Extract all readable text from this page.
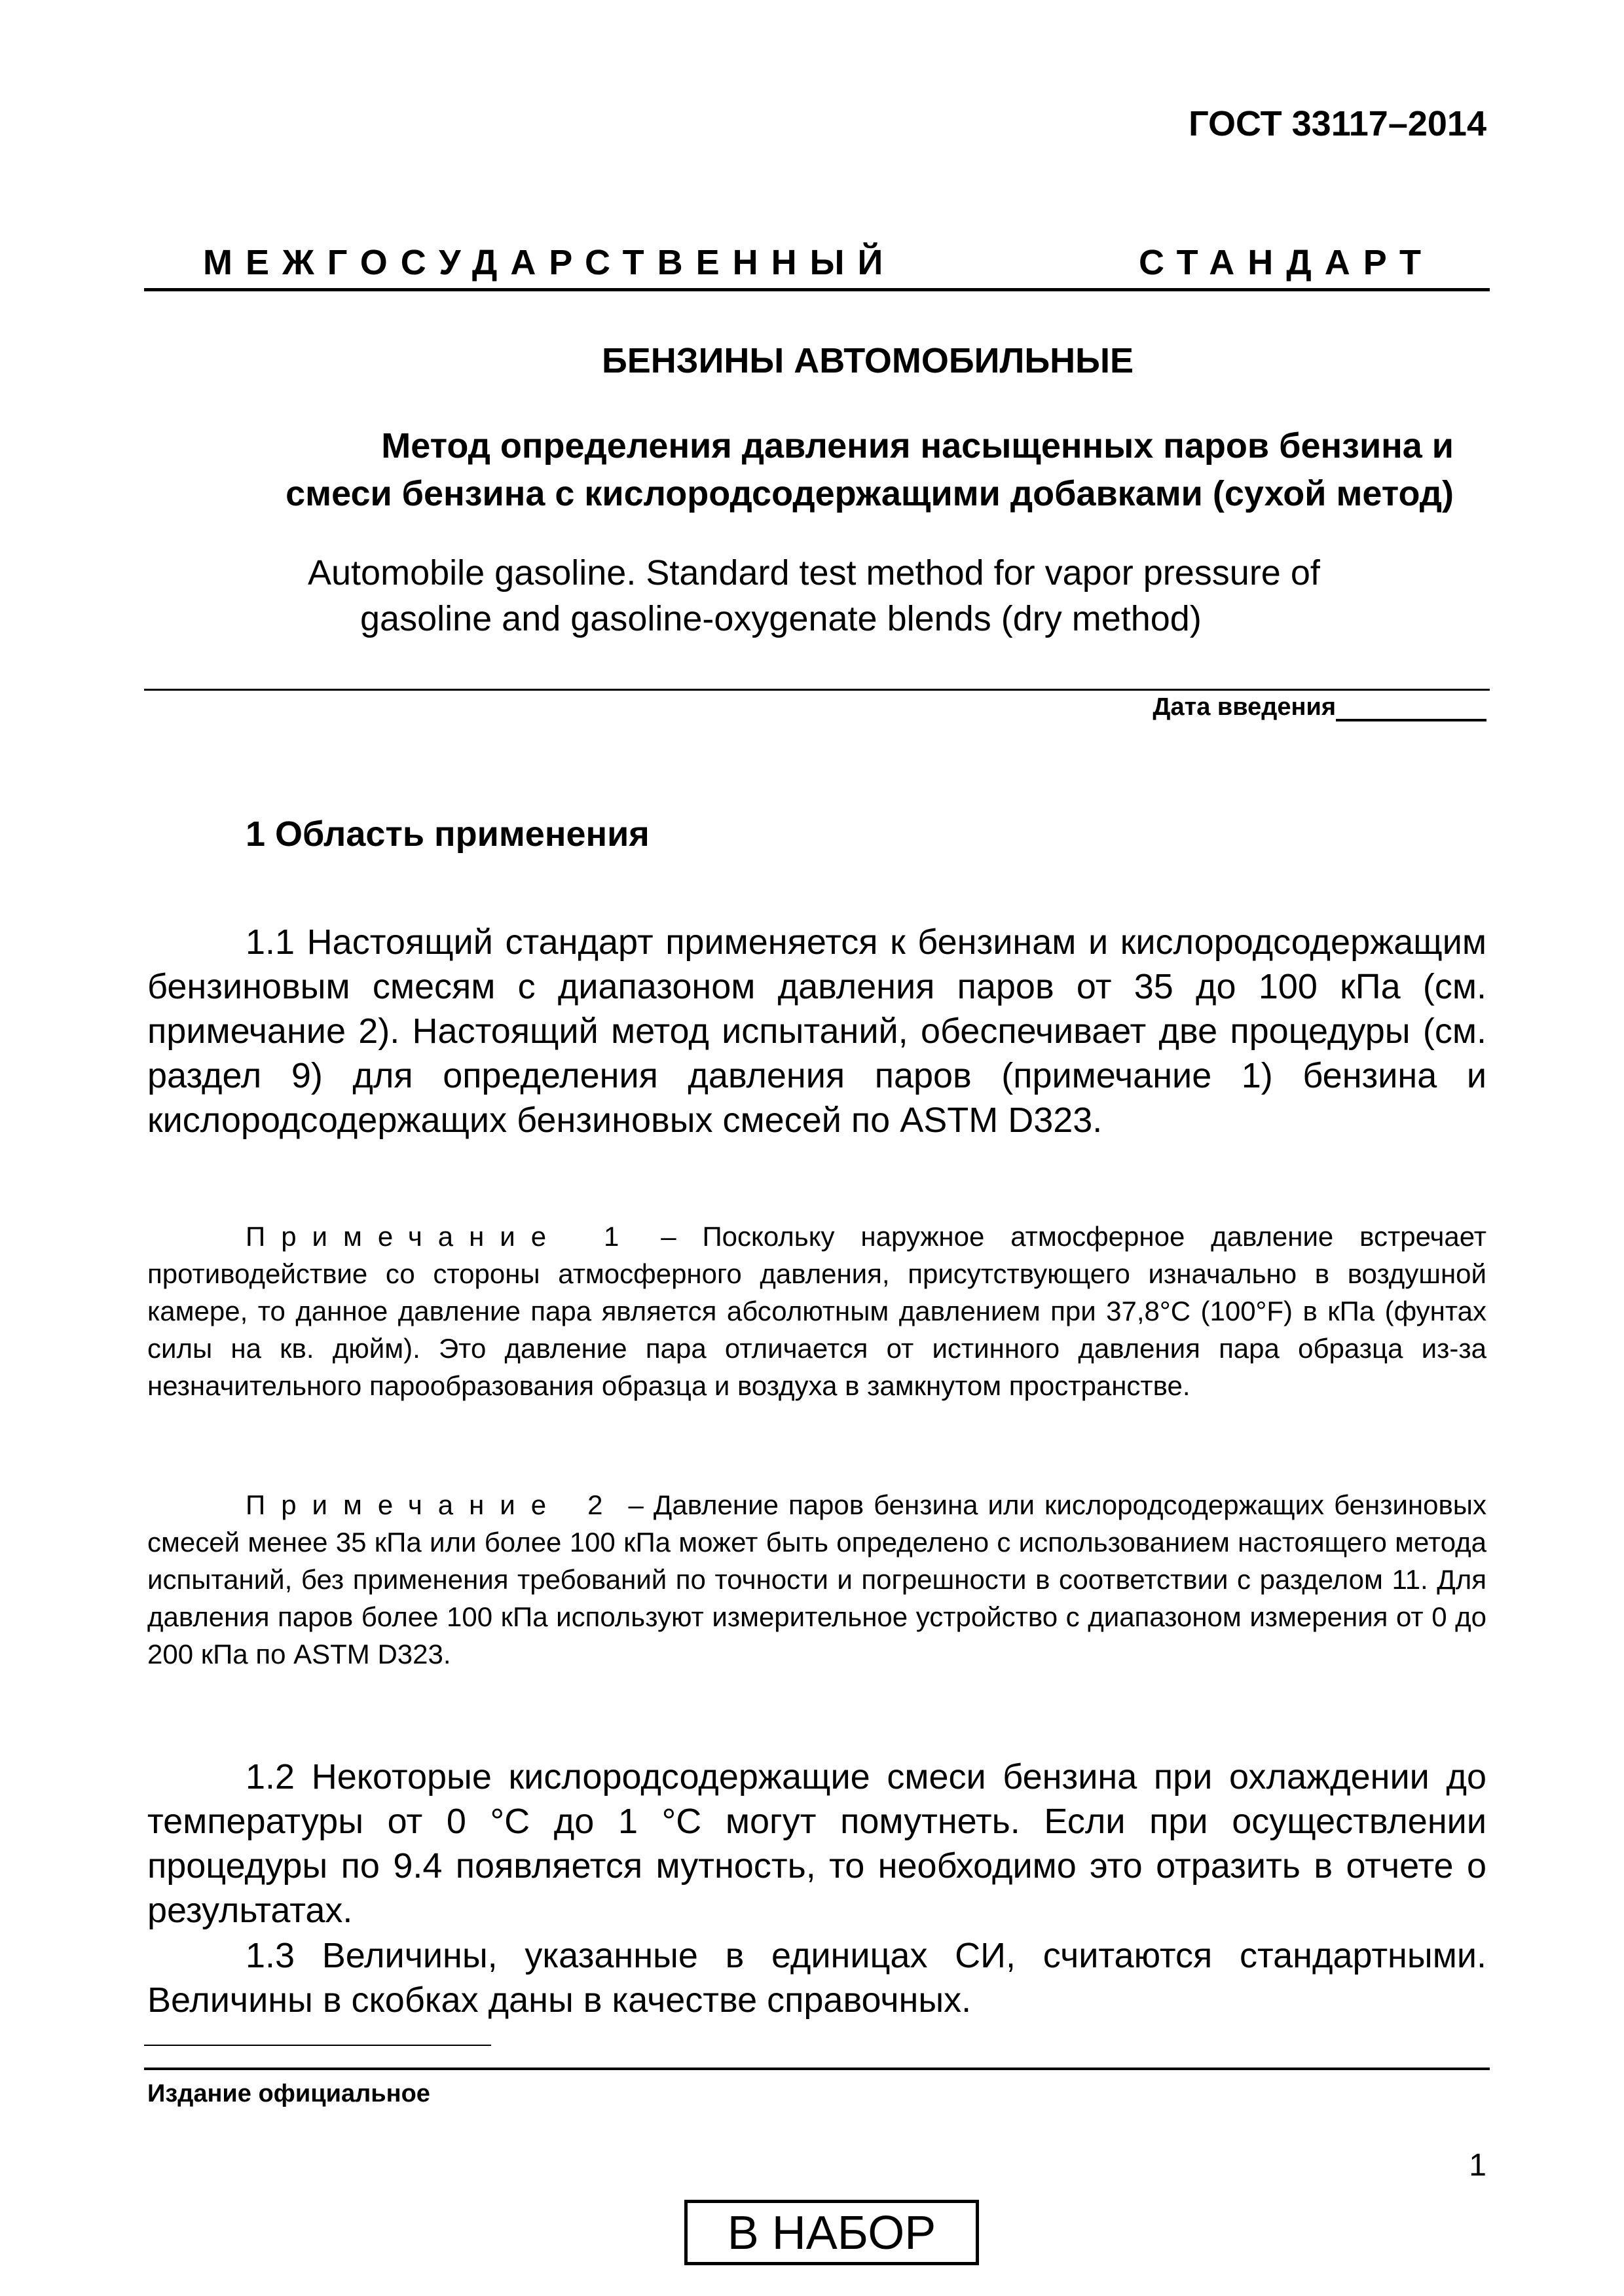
ГОСТ 33117–2014
МЕЖГОСУДАРСТВЕННЫЙ	СТАНДАРТ
БЕНЗИНЫ АВТОМОБИЛЬНЫЕ
Метод определения давления насыщенных паров бензина и
смеси бензина с кислородсодержащими добавками (сухой метод)
Automobile gasoline. Standard test method for vapor pressure of
gasoline and gasoline-oxygenate blends (dry method)
Дата введения
1 Область применения
1.1 Настоящий стандарт применяется к бензинам и кислородсодержащим бензиновым смесям с диапазоном давления паров от 35 до 100 кПа (см. примечание 2). Настоящий метод испытаний, обеспечивает две процедуры (см. раздел 9) для определения давления паров (примечание 1) бензина и кислородсодержащих бензиновых смесей по ASTM D323.
Примечание 1 – Поскольку наружное атмосферное давление встречает противодействие со стороны атмосферного давления, присутствующего изначально в воздушной камере, то данное давление пара является абсолютным давлением при 37,8°C (100°F) в кПа (фунтах силы на кв. дюйм). Это давление пара отличается от истинного давления пара образца из-за незначительного парообразования образца и воздуха в замкнутом пространстве.
Примечание 2 – Давление паров бензина или кислородсодержащих бензиновых смесей менее 35 кПа или более 100 кПа может быть определено с использованием настоящего метода испытаний, без применения требований по точности и погрешности в соответствии с разделом 11. Для давления паров более 100 кПа используют измерительное устройство с диапазоном измерения от 0 до 200 кПа по ASTM D323.
1.2 Некоторые кислородсодержащие смеси бензина при охлаждении до температуры от 0 °С до 1 °С могут помутнеть. Если при осуществлении процедуры по 9.4 появляется мутность, то необходимо это отразить в отчете о результатах.
1.3 Величины, указанные в единицах СИ, считаются стандартными. Величины в скобках даны в качестве справочных.
Издание официальное
1
В НАБОР
